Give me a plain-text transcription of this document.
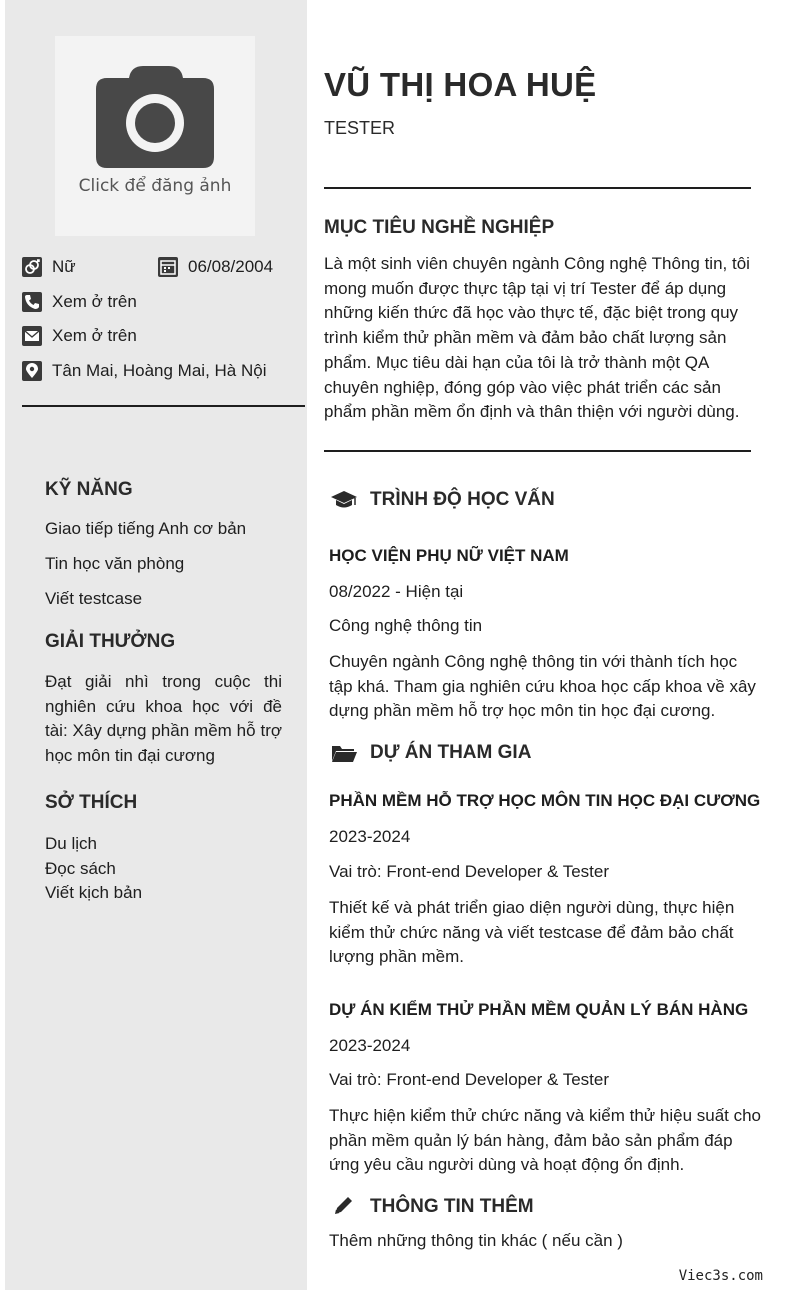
Click để đăng ảnh
Nữ	06/08/2004
Xem ở trên
Xem ở trên
Tân Mai, Hoàng Mai, Hà Nội
KỸ NĂNG
Giao tiếp tiếng Anh cơ bản
Tin học văn phòng
Viết testcase
GIẢI THƯỞNG
Đạt giải nhì trong cuộc thi nghiên cứu khoa học với đề tài: Xây dựng phần mềm hỗ trợ học môn tin đại cương
SỞ THÍCH
Du lịch
Đọc sách
Viết kịch bản
VŨ THỊ HOA HUỆ
TESTER
MỤC TIÊU NGHỀ NGHIỆP
Là một sinh viên chuyên ngành Công nghệ Thông tin, tôi mong muốn được thực tập tại vị trí Tester để áp dụng những kiến thức đã học vào thực tế, đặc biệt trong quy trình kiểm thử phần mềm và đảm bảo chất lượng sản phẩm. Mục tiêu dài hạn của tôi là trở thành một QA chuyên nghiệp, đóng góp vào việc phát triển các sản phẩm phần mềm ổn định và thân thiện với người dùng.
TRÌNH ĐỘ HỌC VẤN
HỌC VIỆN PHỤ NỮ VIỆT NAM
08/2022 - Hiện tại
Công nghệ thông tin
Chuyên ngành Công nghệ thông tin với thành tích học tập khá. Tham gia nghiên cứu khoa học cấp khoa về xây dựng phần mềm hỗ trợ học môn tin học đại cương.
DỰ ÁN THAM GIA
PHẦN MỀM HỖ TRỢ HỌC MÔN TIN HỌC ĐẠI CƯƠNG
2023-2024
Vai trò: Front-end Developer & Tester
Thiết kế và phát triển giao diện người dùng, thực hiện kiểm thử chức năng và viết testcase để đảm bảo chất lượng phần mềm.
DỰ ÁN KIỂM THỬ PHẦN MỀM QUẢN LÝ BÁN HÀNG
2023-2024
Vai trò: Front-end Developer & Tester
Thực hiện kiểm thử chức năng và kiểm thử hiệu suất cho phần mềm quản lý bán hàng, đảm bảo sản phẩm đáp ứng yêu cầu người dùng và hoạt động ổn định.
THÔNG TIN THÊM
Thêm những thông tin khác ( nếu cần )
Viec3s.com
